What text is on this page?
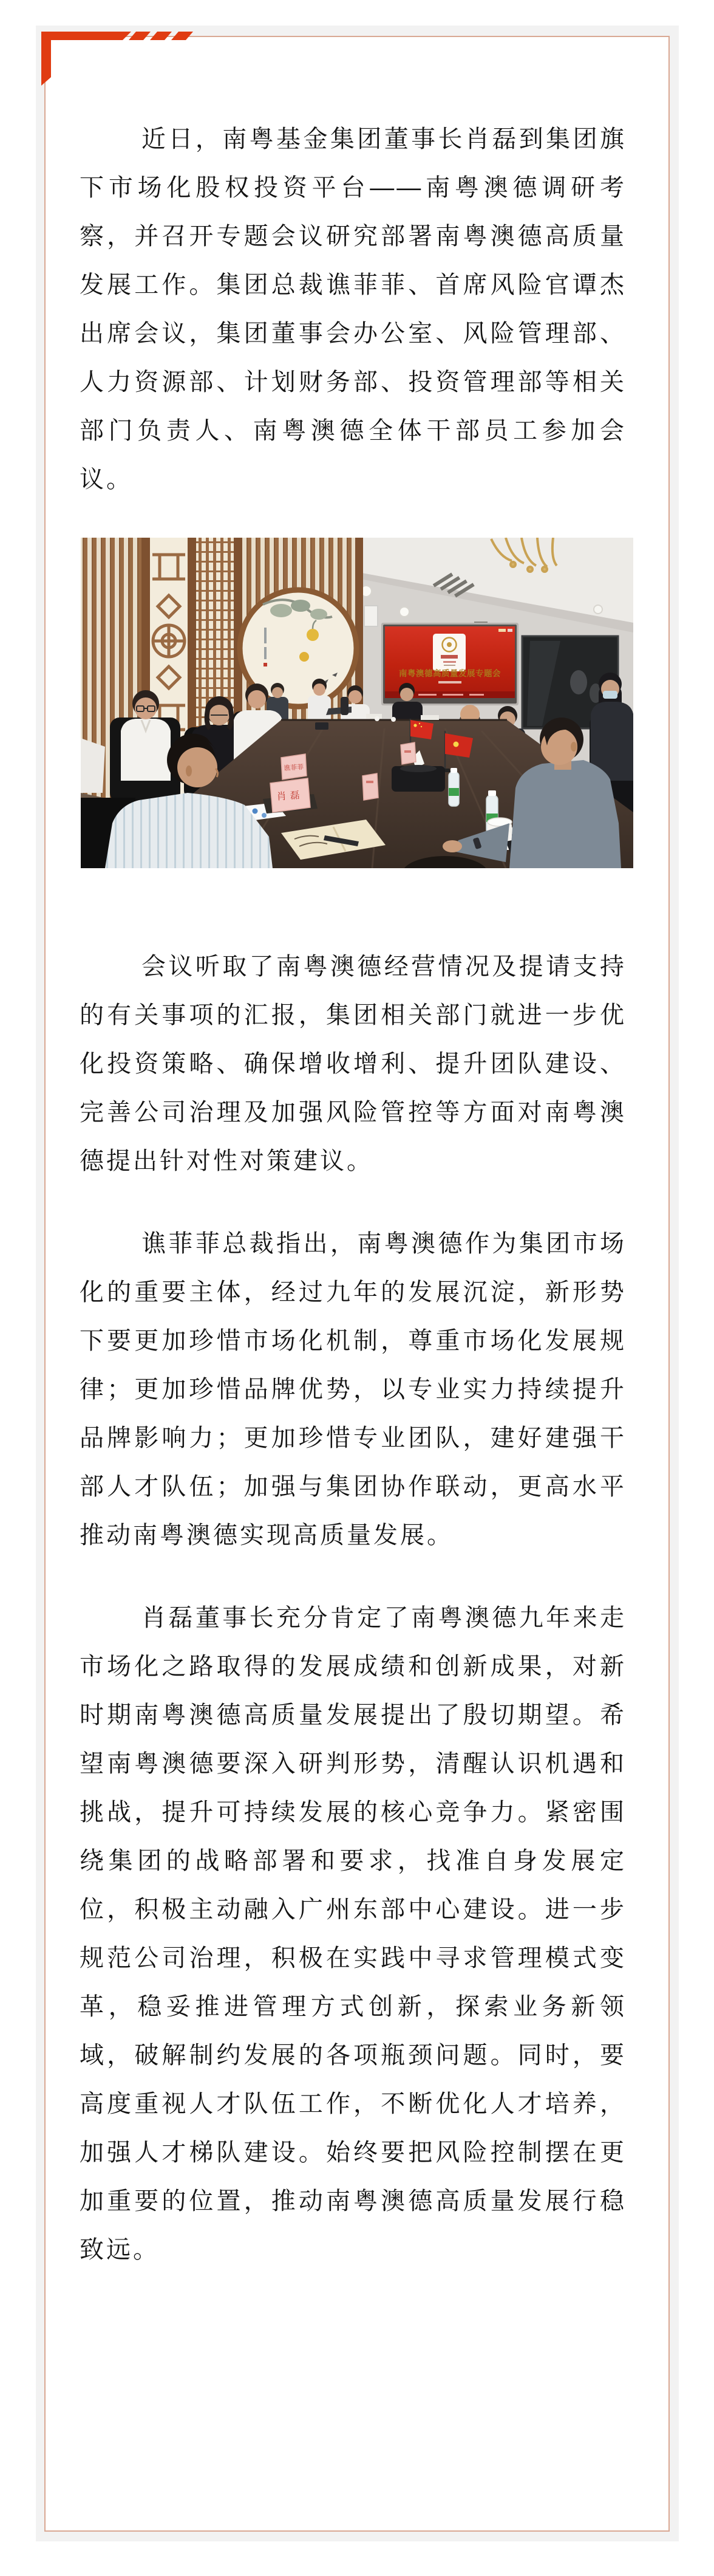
近日，南粤基金集团董事长肖磊到集团旗下市场化股权投资平台——南粤澳德调研考察，并召开专题会议研究部署南粤澳德高质量发展工作。集团总裁谯菲菲、首席风险官谭杰出席会议，集团董事会办公室、风险管理部、人力资源部、计划财务部、投资管理部等相关部门负责人、南粤澳德全体干部员工参加会议。

南粤澳德高质量发展专题会
谯菲菲
肖磊

会议听取了南粤澳德经营情况及提请支持的有关事项的汇报，集团相关部门就进一步优化投资策略、确保增收增利、提升团队建设、完善公司治理及加强风险管控等方面对南粤澳德提出针对性对策建议。

谯菲菲总裁指出，南粤澳德作为集团市场化的重要主体，经过九年的发展沉淀，新形势下要更加珍惜市场化机制，尊重市场化发展规律；更加珍惜品牌优势，以专业实力持续提升品牌影响力；更加珍惜专业团队，建好建强干部人才队伍；加强与集团协作联动，更高水平推动南粤澳德实现高质量发展。

肖磊董事长充分肯定了南粤澳德九年来走市场化之路取得的发展成绩和创新成果，对新时期南粤澳德高质量发展提出了殷切期望。希望南粤澳德要深入研判形势，清醒认识机遇和挑战，提升可持续发展的核心竞争力。紧密围绕集团的战略部署和要求，找准自身发展定位，积极主动融入广州东部中心建设。进一步规范公司治理，积极在实践中寻求管理模式变革，稳妥推进管理方式创新，探索业务新领域，破解制约发展的各项瓶颈问题。同时，要高度重视人才队伍工作，不断优化人才培养，加强人才梯队建设。始终要把风险控制摆在更加重要的位置，推动南粤澳德高质量发展行稳致远。
